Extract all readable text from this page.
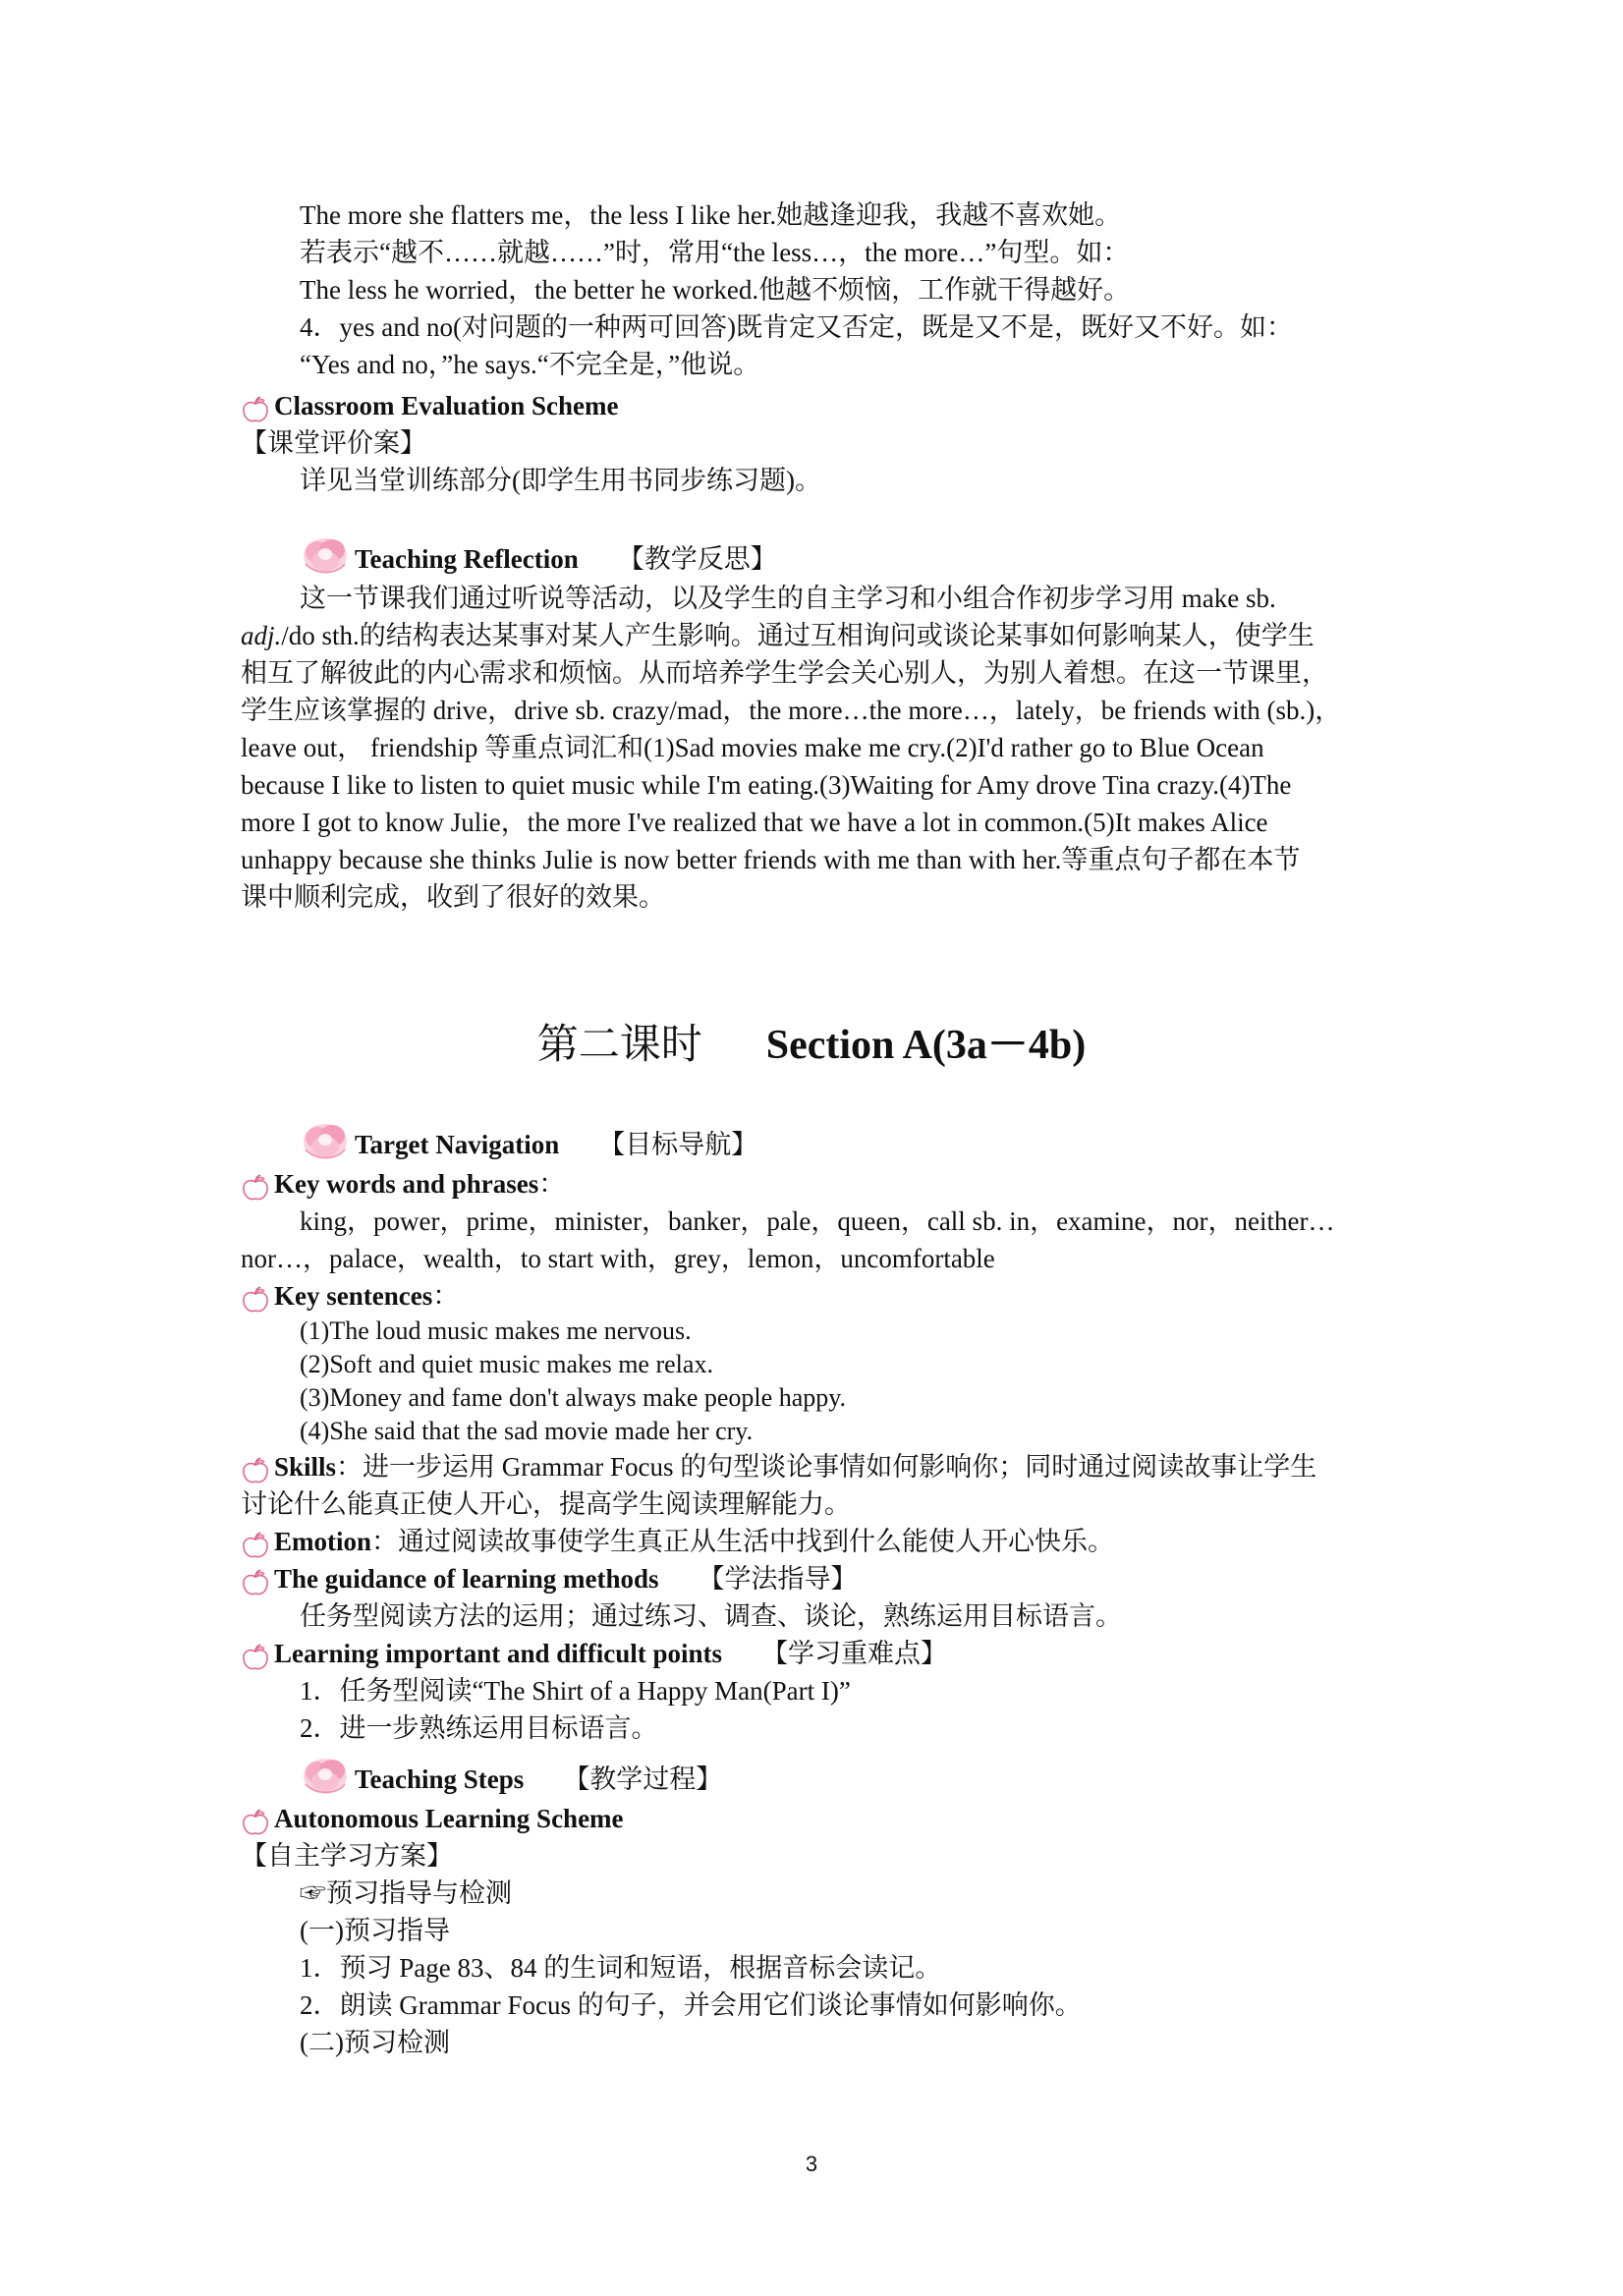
The more she flatters me，the less I like her.她越逢迎我，我越不喜欢她。
若表示“越不……就越……”时，常用“the less…，the more…”句型。如：
The less he worried，the better he worked.他越不烦恼，工作就干得越好。
4．yes and no(对问题的一种两可回答)既肯定又否定，既是又不是，既好又不好。如：
“Yes and no，”he says.“不完全是，”他说。
Classroom Evaluation Scheme
【课堂评价案】
详见当堂训练部分(即学生用书同步练习题)。
Teaching Reflection 【教学反思】
这一节课我们通过听说等活动，以及学生的自主学习和小组合作初步学习用 make sb.
adj./do sth.的结构表达某事对某人产生影响。通过互相询问或谈论某事如何影响某人，使学生
相互了解彼此的内心需求和烦恼。从而培养学生学会关心别人，为别人着想。在这一节课里，
学生应该掌握的 drive，drive sb. crazy/mad，the more…the more…，lately，be friends with (sb.)，
leave out， friendship 等重点词汇和(1)Sad movies make me cry.(2)I'd rather go to Blue Ocean
because I like to listen to quiet music while I'm eating.(3)Waiting for Amy drove Tina crazy.(4)The
more I got to know Julie，the more I've realized that we have a lot in common.(5)It makes Alice
unhappy because she thinks Julie is now better friends with me than with her.等重点句子都在本节
课中顺利完成，收到了很好的效果。
第二课时 Section A(3a－4b)
Target Navigation 【目标导航】
Key words and phrases ：
king，power，prime，minister，banker，pale，queen，call sb. in，examine，nor，neither…
nor…，palace，wealth，to start with，grey，lemon，uncomfortable
Key sentences ：
(1)The loud music makes me nervous.
(2)Soft and quiet music makes me relax.
(3)Money and fame don't always make people happy.
(4)She said that the sad movie made her cry.
Skills ：进一步运用 Grammar Focus 的句型谈论事情如何影响你；同时通过阅读故事让学生
讨论什么能真正使人开心，提高学生阅读理解能力。
Emotion ：通过阅读故事使学生真正从生活中找到什么能使人开心快乐。
The guidance of learning methods 【学法指导】
任务型阅读方法的运用；通过练习、调查、谈论，熟练运用目标语言。
Learning important and difficult points 【学习重难点】
1．任务型阅读“The Shirt of a Happy Man(Part I)”
2．进一步熟练运用目标语言。
Teaching Steps 【教学过程】
Autonomous Learning Scheme
【自主学习方案】
☞预习指导与检测
(一)预习指导
1．预习 Page 83、84 的生词和短语，根据音标会读记。
2．朗读 Grammar Focus 的句子，并会用它们谈论事情如何影响你。
(二)预习检测
3
